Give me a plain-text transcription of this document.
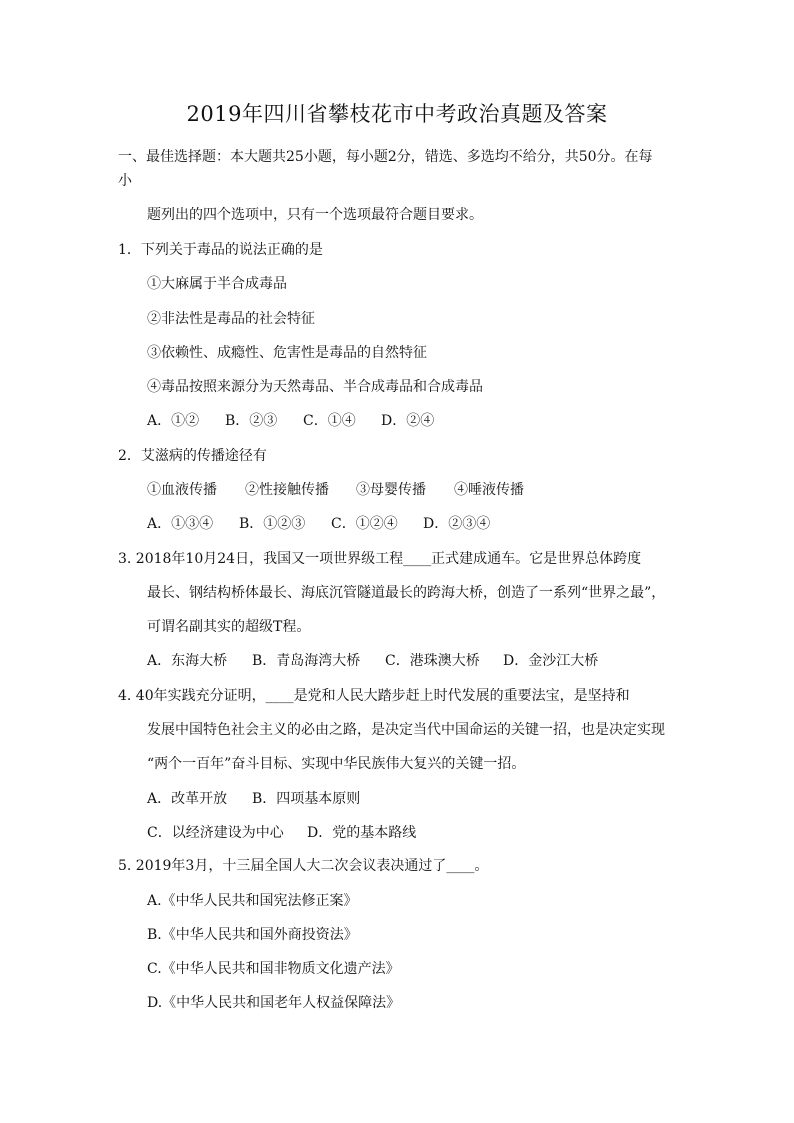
2019年四川省攀枝花市中考政治真题及答案
一、最佳选择题：本大题共25小题，每小题2分，错选、多选均不给分，共50分。在每
小
题列出的四个选项中，只有一个选项最符合题目要求。
1．下列关于毒品的说法正确的是
①大麻属于半合成毒品
②非法性是毒品的社会特征
③依赖性、成瘾性、危害性是毒品的自然特征
④毒品按照来源分为天然毒品、半合成毒品和合成毒品
A．①② B．②③ C．①④ D．②④
2．艾滋病的传播途径有
①血液传播 ②性接触传播 ③母婴传播 ④唾液传播
A．①③④ B．①②③ C．①②④ D．②③④
3. 2018年10月24日，我国又一项世界级工程____正式建成通车。它是世界总体跨度
最长、钢结构桥体最长、海底沉管隧道最长的跨海大桥，创造了一系列“世界之最”，
可谓名副其实的超级T程。
A．东海大桥 B．青岛海湾大桥 C．港珠澳大桥 D．金沙江大桥
4. 40年实践充分证明，____是党和人民大踏步赶上时代发展的重要法宝，是坚持和
发展中国特色社会主义的必由之路，是决定当代中国命运的关键一招，也是决定实现
“两个一百年”奋斗目标、实现中华民族伟大复兴的关键一招。
A．改革开放 B．四项基本原则
C．以经济建设为中心 D．党的基本路线
5. 2019年3月，十三届全国人大二次会议表决通过了____。
A.《中华人民共和国宪法修正案》
B.《中华人民共和国外商投资法》
C.《中华人民共和国非物质文化遗产法》
D.《中华人民共和国老年人权益保障法》
